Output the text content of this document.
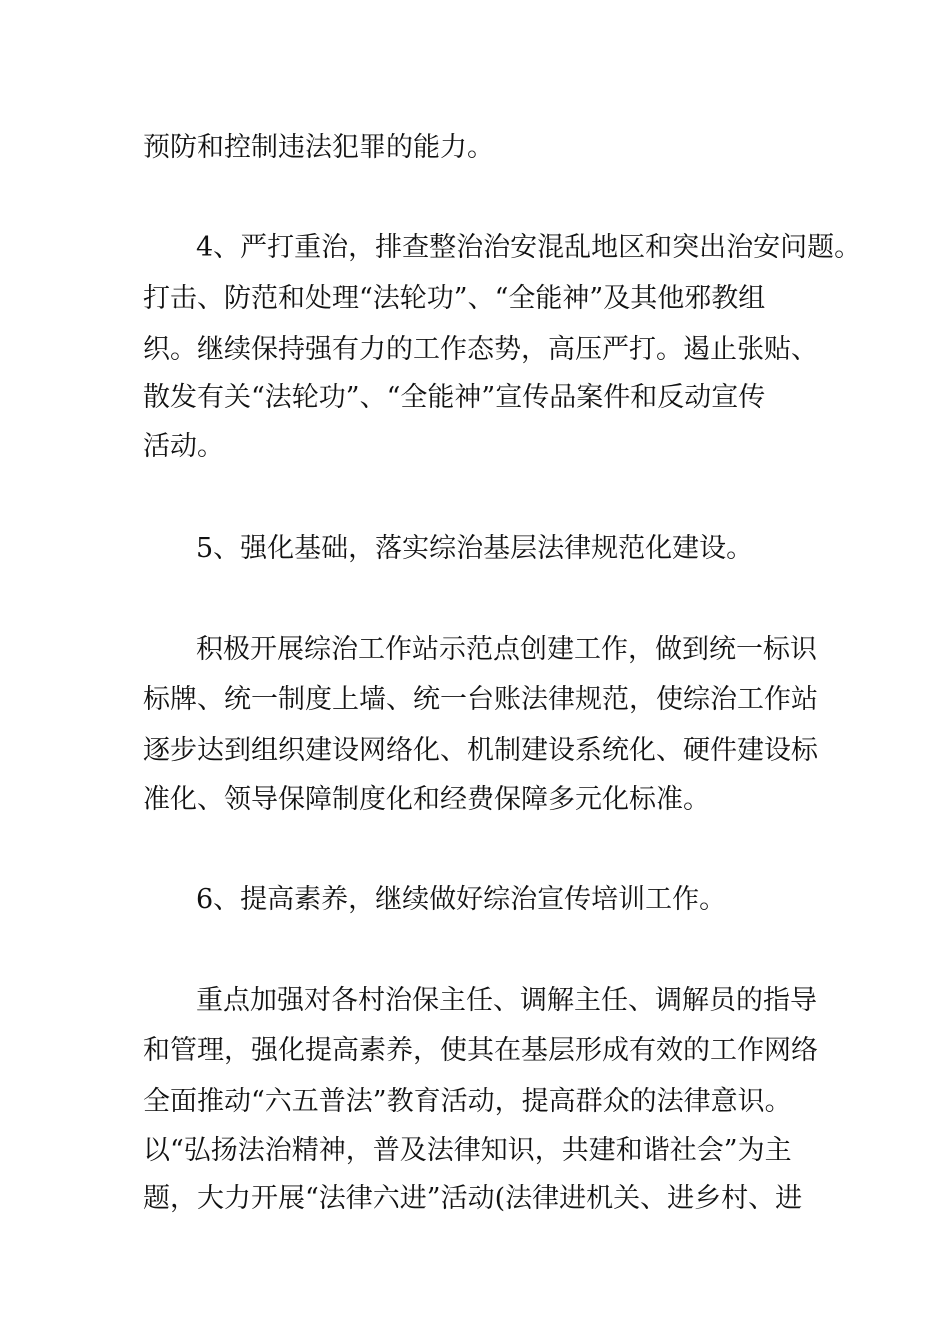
预防和控制违法犯罪的能力。

4、严打重治，排查整治治安混乱地区和突出治安问题。

打击、防范和处理“法轮功”、“全能神”及其他邪教组

织。继续保持强有力的工作态势，高压严打。遏止张贴、

散发有关“法轮功”、“全能神”宣传品案件和反动宣传

活动。

5、强化基础，落实综治基层法律规范化建设。

积极开展综治工作站示范点创建工作，做到统一标识

标牌、统一制度上墙、统一台账法律规范，使综治工作站

逐步达到组织建设网络化、机制建设系统化、硬件建设标

准化、领导保障制度化和经费保障多元化标准。

6、提高素养，继续做好综治宣传培训工作。

重点加强对各村治保主任、调解主任、调解员的指导

和管理，强化提高素养，使其在基层形成有效的工作网络

全面推动“六五普法”教育活动，提高群众的法律意识。

以“弘扬法治精神，普及法律知识，共建和谐社会”为主

题，大力开展“法律六进”活动(法律进机关、进乡村、进
